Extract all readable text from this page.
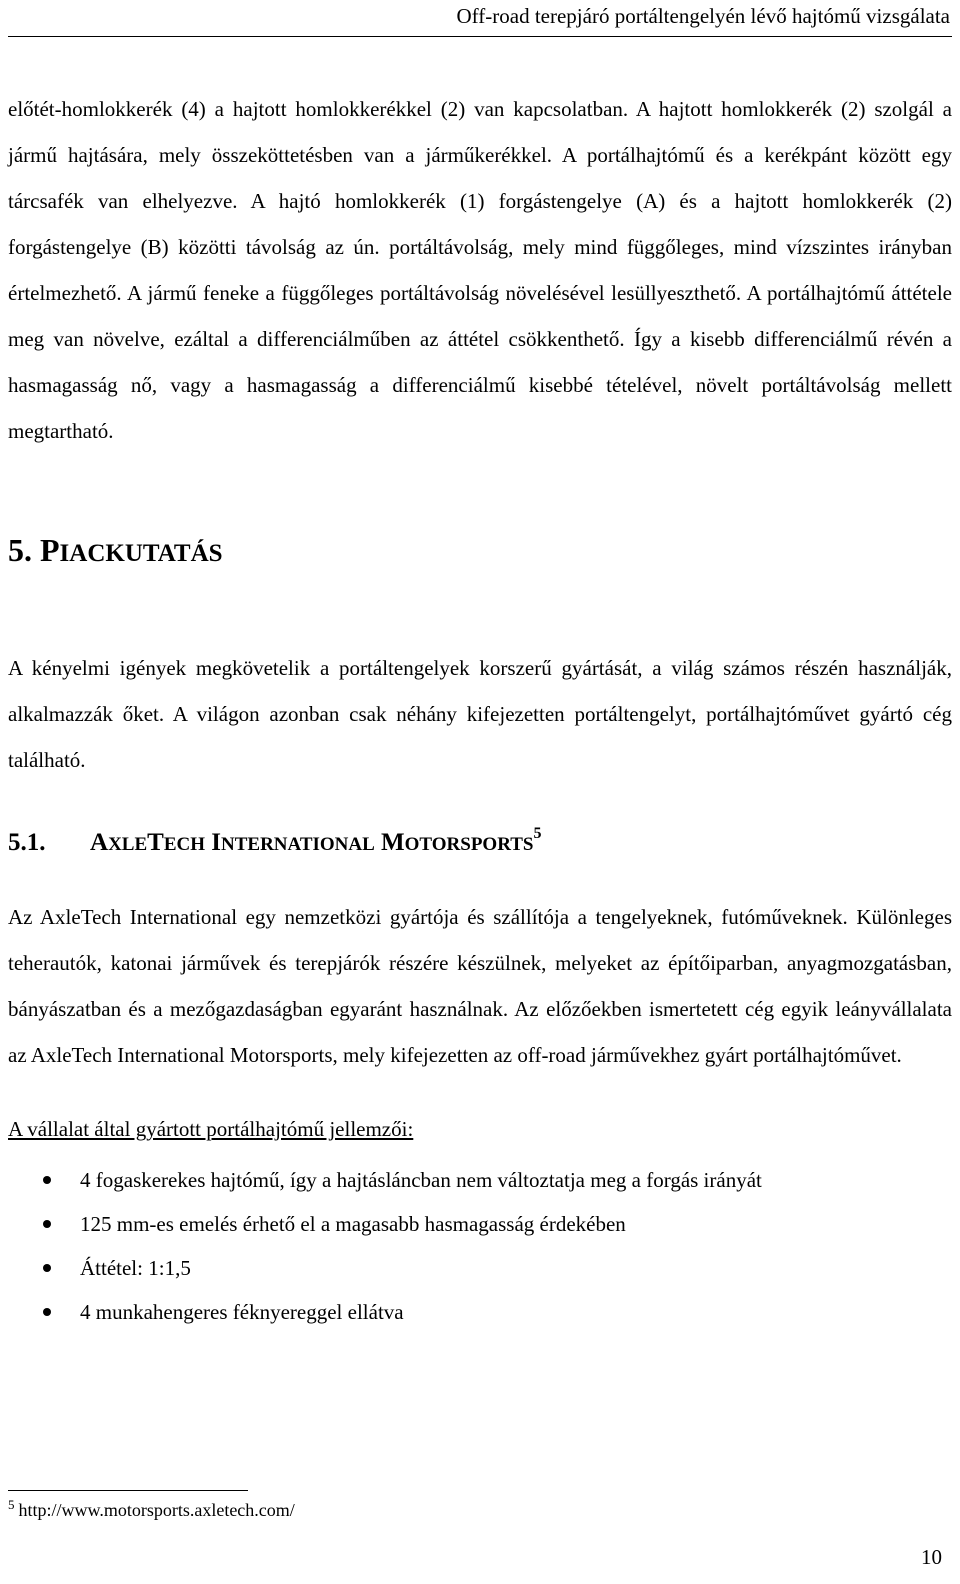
Off-road terepjáró portáltengelyén lévő hajtómű vizsgálata

előtét-homlokkerék (4) a hajtott homlokkerékkel (2) van kapcsolatban. A hajtott homlokkerék (2) szolgál a jármű hajtására, mely összeköttetésben van a járműkerékkel. A portálhajtómű és a kerékpánt között egy tárcsafék van elhelyezve. A hajtó homlokkerék (1) forgástengelye (A) és a hajtott homlokkerék (2) forgástengelye (B) közötti távolság az ún. portáltávolság, mely mind függőleges, mind vízszintes irányban értelmezhető. A jármű feneke a függőleges portáltávolság növelésével lesüllyeszthető. A portálhajtómű áttétele meg van növelve, ezáltal a differenciálműben az áttétel csökkenthető. Így a kisebb differenciálmű révén a hasmagasság nő, vagy a hasmagasság a differenciálmű kisebbé tételével, növelt portáltávolság mellett megtartható.

5. PIACKUTATÁS

A kényelmi igények megkövetelik a portáltengelyek korszerű gyártását, a világ számos részén használják, alkalmazzák őket. A világon azonban csak néhány kifejezetten portáltengelyt, portálhajtóművet gyártó cég található.

5.1. AXLETECH INTERNATIONAL MOTORSPORTS$^5$

Az AxleTech International egy nemzetközi gyártója és szállítója a tengelyeknek, futóműveknek. Különleges teherautók, katonai járművek és terepjárók részére készülnek, melyeket az építőiparban, anyagmozgatásban, bányászatban és a mezőgazdaságban egyaránt használnak. Az előzőekben ismertetett cég egyik leányvállalata az AxleTech International Motorsports, mely kifejezetten az off-road járművekhez gyárt portálhajtóművet.

A vállalat által gyártott portálhajtómű jellemzői:

4 fogaskerekes hajtómű, így a hajtásláncban nem változtatja meg a forgás irányát
125 mm-es emelés érhető el a magasabb hasmagasság érdekében
Áttétel: 1:1,5
4 munkahengeres féknyereggel ellátva
$^5$ http://www.motorsports.axletech.com/
10
